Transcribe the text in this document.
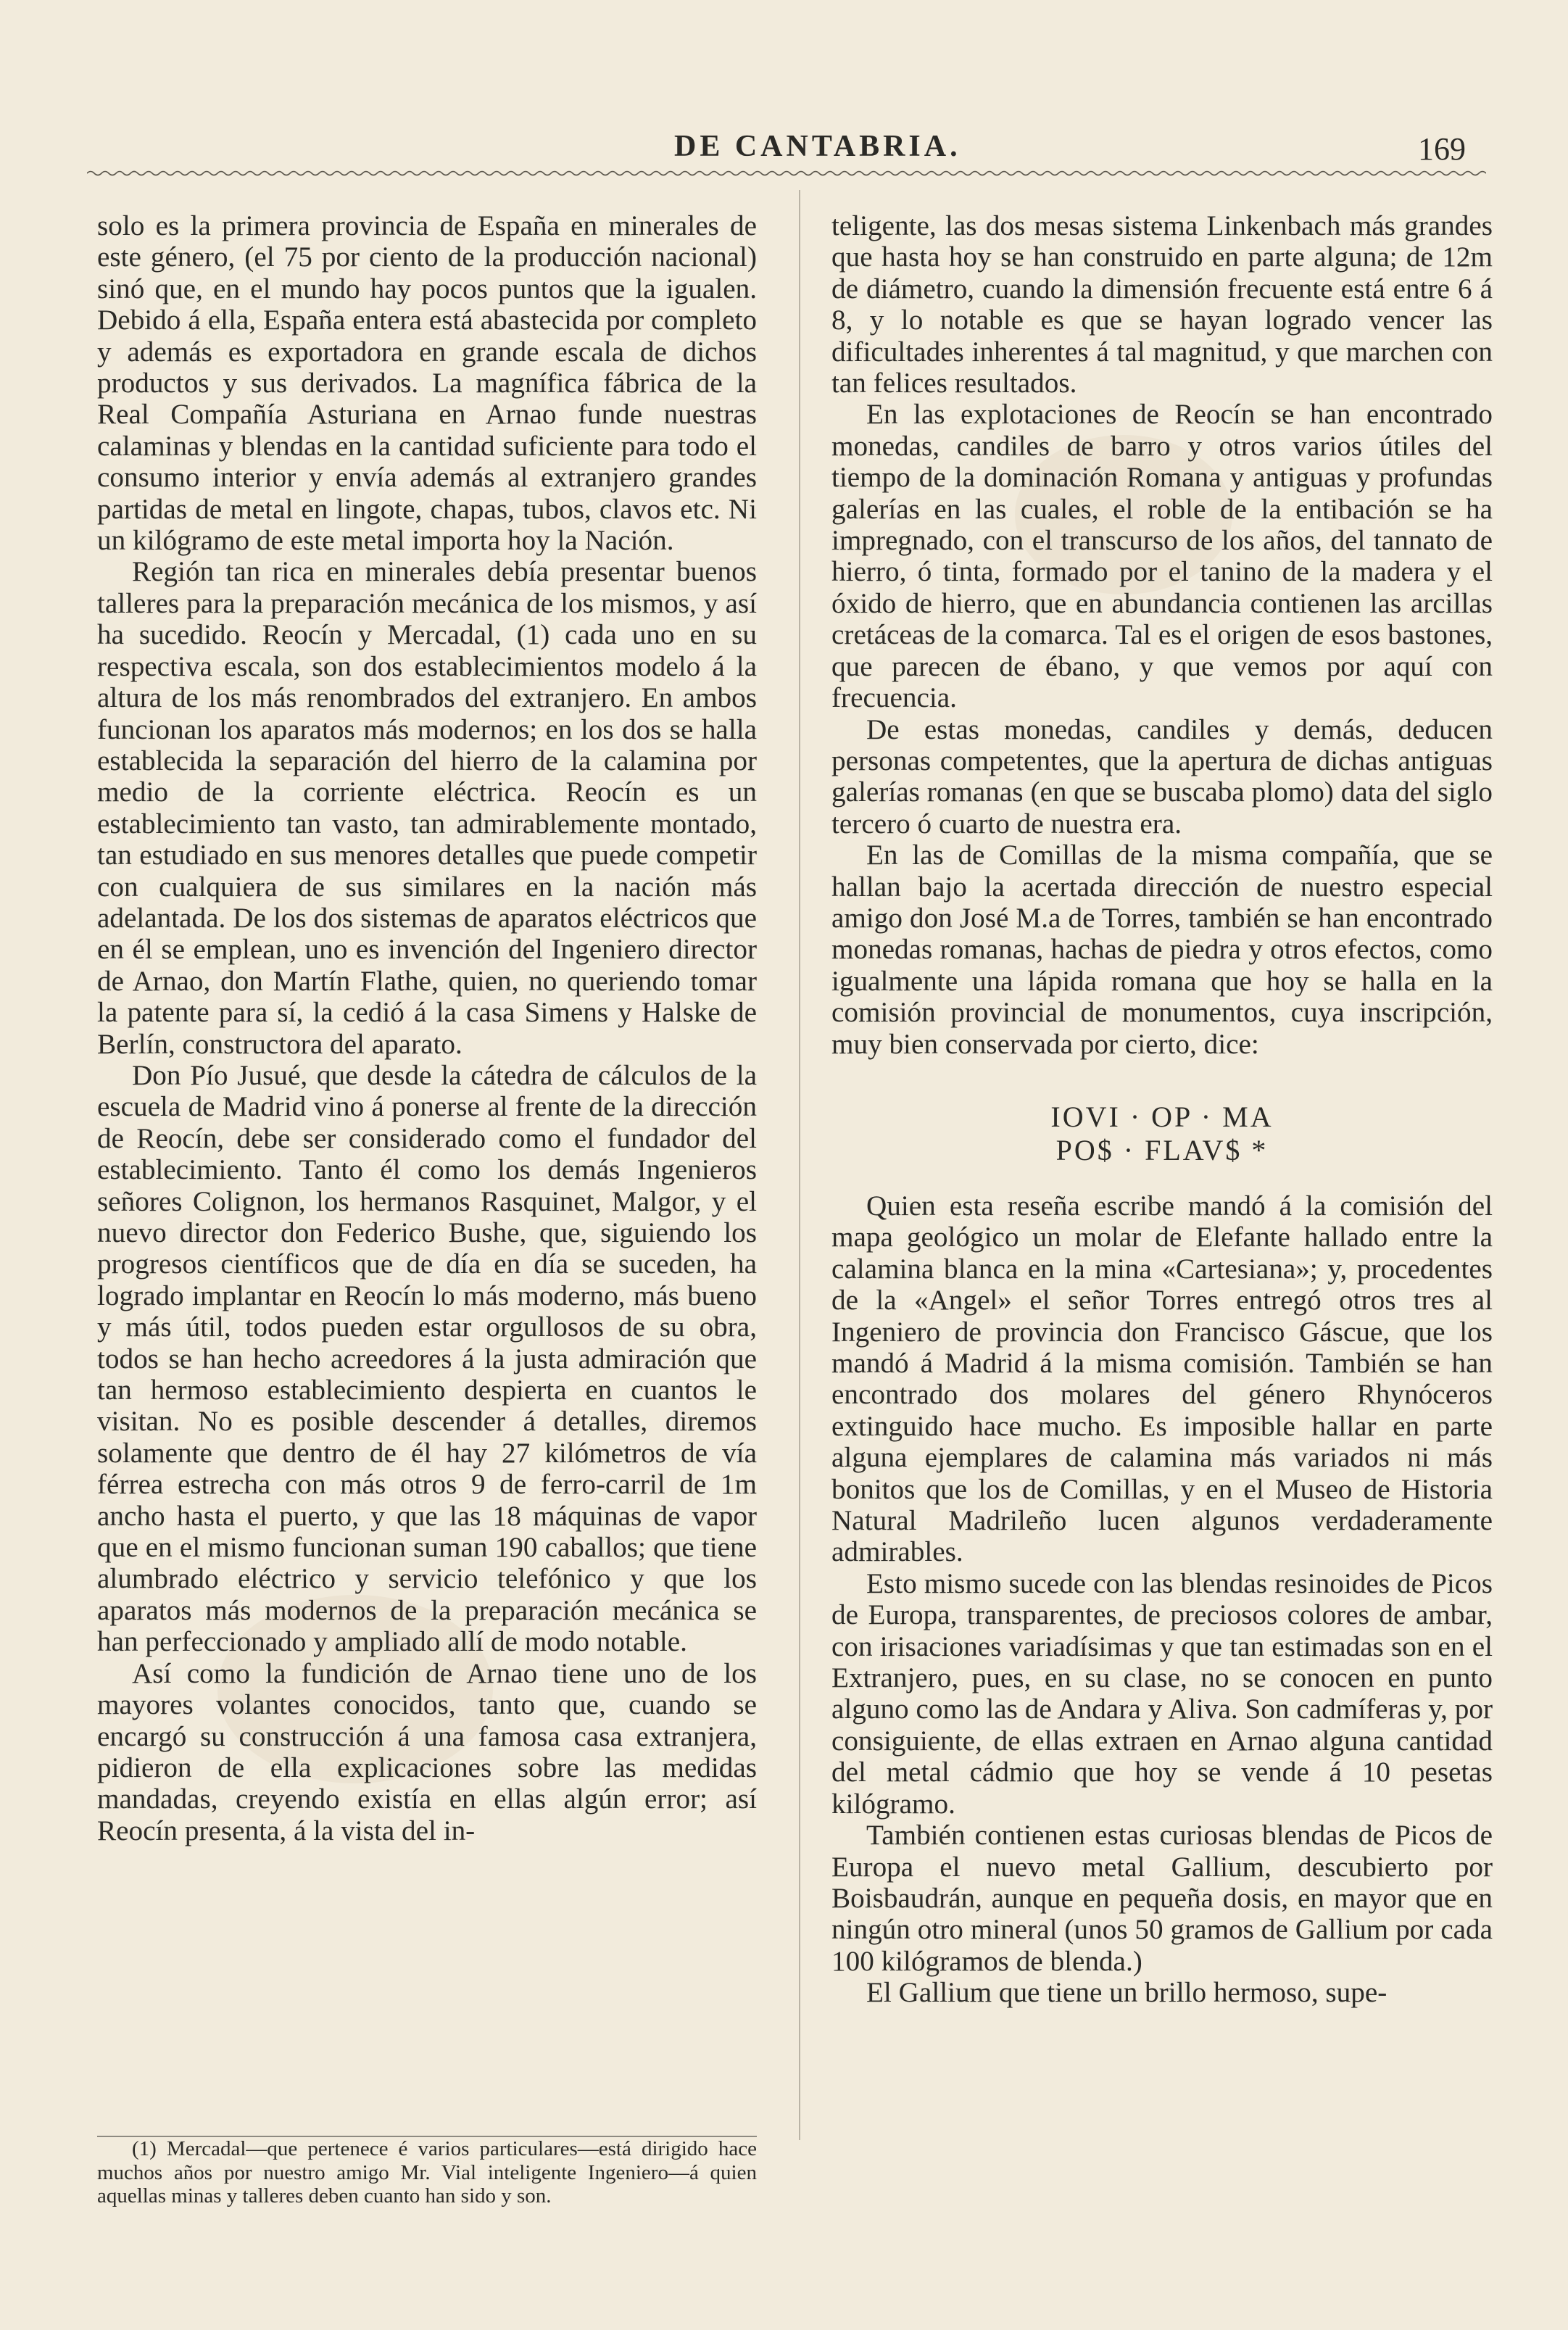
DE CANTABRIA.	169

solo es la primera provincia de España en minerales de este género, (el 75 por ciento de la producción nacional) sinó que, en el mundo hay pocos puntos que la igualen. Debido á ella, España entera está abastecida por completo y además es exportadora en grande escala de dichos productos y sus derivados. La magnífica fábrica de la Real Compañía Asturiana en Arnao funde nuestras calaminas y blendas en la cantidad suficiente para todo el consumo interior y envía además al extranjero grandes partidas de metal en lingote, chapas, tubos, clavos etc. Ni un kilógramo de este metal importa hoy la Nación.

Región tan rica en minerales debía presentar buenos talleres para la preparación mecánica de los mismos, y así ha sucedido. Reocín y Mercadal, (1) cada uno en su respectiva escala, son dos establecimientos modelo á la altura de los más renombrados del extranjero. En ambos funcionan los aparatos más modernos; en los dos se halla establecida la separación del hierro de la calamina por medio de la corriente eléctrica. Reocín es un establecimiento tan vasto, tan admirablemente montado, tan estudiado en sus menores detalles que puede competir con cualquiera de sus similares en la nación más adelantada. De los dos sistemas de aparatos eléctricos que en él se emplean, uno es invención del Ingeniero director de Arnao, don Martín Flathe, quien, no queriendo tomar la patente para sí, la cedió á la casa Simens y Halske de Berlín, constructora del aparato.

Don Pío Jusué, que desde la cátedra de cálculos de la escuela de Madrid vino á ponerse al frente de la dirección de Reocín, debe ser considerado como el fundador del establecimiento. Tanto él como los demás Ingenieros señores Colignon, los hermanos Rasquinet, Malgor, y el nuevo director don Federico Bushe, que, siguiendo los progresos científicos que de día en día se suceden, ha logrado implantar en Reocín lo más moderno, más bueno y más útil, todos pueden estar orgullosos de su obra, todos se han hecho acreedores á la justa admiración que tan hermoso establecimiento despierta en cuantos le visitan. No es posible descender á detalles, diremos solamente que dentro de él hay 27 kilómetros de vía férrea estrecha con más otros 9 de ferro-carril de 1m ancho hasta el puerto, y que las 18 máquinas de vapor que en el mismo funcionan suman 190 caballos; que tiene alumbrado eléctrico y servicio telefónico y que los aparatos más modernos de la preparación mecánica se han perfeccionado y ampliado allí de modo notable.

Así como la fundición de Arnao tiene uno de los mayores volantes conocidos, tanto que, cuando se encargó su construcción á una famosa casa extranjera, pidieron de ella explicaciones sobre las medidas mandadas, creyendo existía en ellas algún error; así Reocín presenta, á la vista del in-

(1) Mercadal—que pertenece é varios particulares—está dirigido hace muchos años por nuestro amigo Mr. Vial inteligente Ingeniero—á quien aquellas minas y talleres deben cuanto han sido y son.

teligente, las dos mesas sistema Linkenbach más grandes que hasta hoy se han construido en parte alguna; de 12m de diámetro, cuando la dimensión frecuente está entre 6 á 8, y lo notable es que se hayan logrado vencer las dificultades inherentes á tal magnitud, y que marchen con tan felices resultados.

En las explotaciones de Reocín se han encontrado monedas, candiles de barro y otros varios útiles del tiempo de la dominación Romana y antiguas y profundas galerías en las cuales, el roble de la entibación se ha impregnado, con el transcurso de los años, del tannato de hierro, ó tinta, formado por el tanino de la madera y el óxido de hierro, que en abundancia contienen las arcillas cretáceas de la comarca. Tal es el origen de esos bastones, que parecen de ébano, y que vemos por aquí con frecuencia.

De estas monedas, candiles y demás, deducen personas competentes, que la apertura de dichas antiguas galerías romanas (en que se buscaba plomo) data del siglo tercero ó cuarto de nuestra era.

En las de Comillas de la misma compañía, que se hallan bajo la acertada dirección de nuestro especial amigo don José M.a de Torres, también se han encontrado monedas romanas, hachas de piedra y otros efectos, como igualmente una lápida romana que hoy se halla en la comisión provincial de monumentos, cuya inscripción, muy bien conservada por cierto, dice:

IOVI · OP · MA
PO$ · FLAV$ *

Quien esta reseña escribe mandó á la comisión del mapa geológico un molar de Elefante hallado entre la calamina blanca en la mina «Cartesiana»; y, procedentes de la «Angel» el señor Torres entregó otros tres al Ingeniero de provincia don Francisco Gáscue, que los mandó á Madrid á la misma comisión. También se han encontrado dos molares del género Rhynóceros extinguido hace mucho. Es imposible hallar en parte alguna ejemplares de calamina más variados ni más bonitos que los de Comillas, y en el Museo de Historia Natural Madrileño lucen algunos verdaderamente admirables.

Esto mismo sucede con las blendas resinoides de Picos de Europa, transparentes, de preciosos colores de ambar, con irisaciones variadísimas y que tan estimadas son en el Extranjero, pues, en su clase, no se conocen en punto alguno como las de Andara y Aliva. Son cadmíferas y, por consiguiente, de ellas extraen en Arnao alguna cantidad del metal cádmio que hoy se vende á 10 pesetas kilógramo.

También contienen estas curiosas blendas de Picos de Europa el nuevo metal Gallium, descubierto por Boisbaudrán, aunque en pequeña dosis, en mayor que en ningún otro mineral (unos 50 gramos de Gallium por cada 100 kilógramos de blenda.)

El Gallium que tiene un brillo hermoso, supe-
